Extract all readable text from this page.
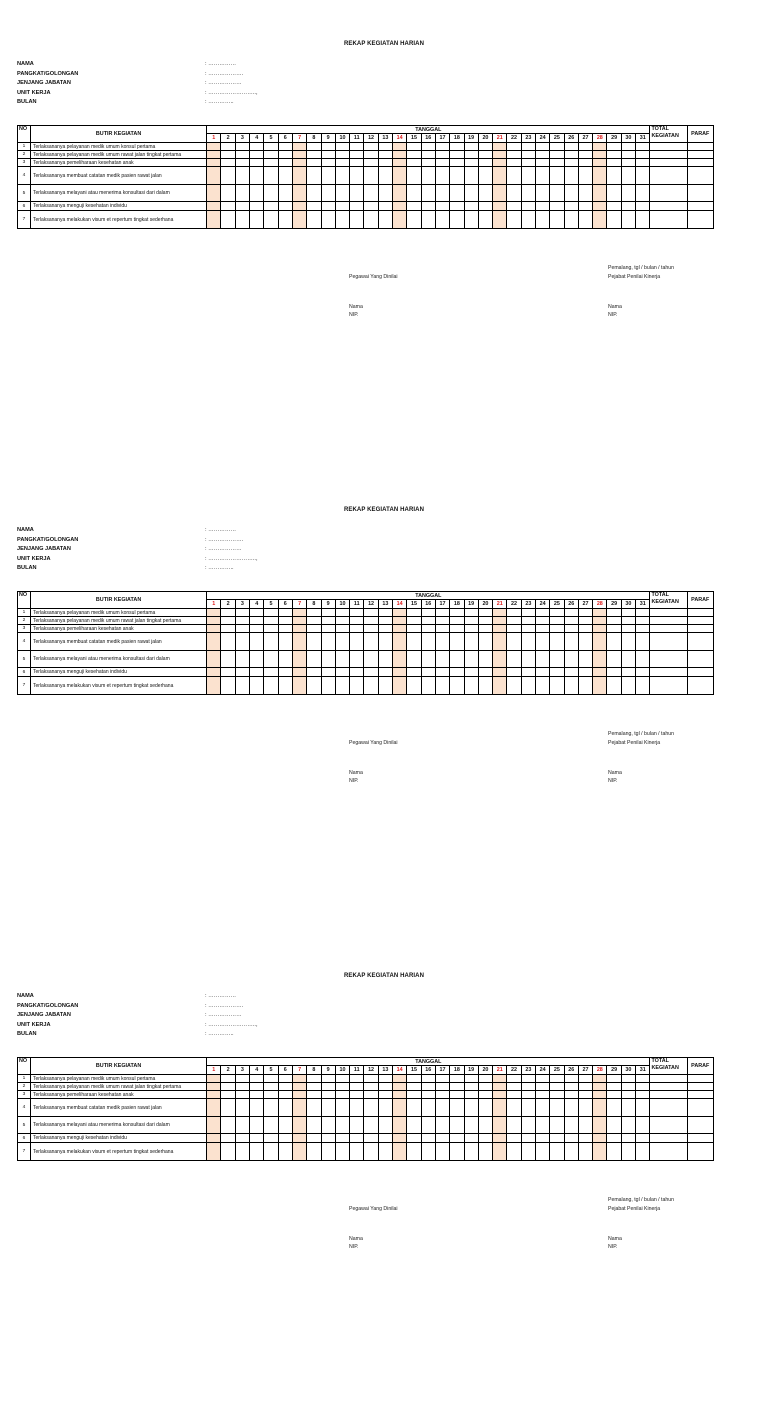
REKAP KEGIATAN HARIAN
NAMA	: ……………
PANGKAT/GOLONGAN	: ……………….
JENJANG JABATAN	: ………………
UNIT KERJA	: ……………………..,
BULAN	: …………..
NO	BUTIR KEGIATAN	TANGGAL																															TOTAL KEGIATAN	PARAF
		1	2	3	4	5	6	7	8	9	10	11	12	13	14	15	16	17	18	19	20	21	22	23	24	25	26	27	28	29	30	31		
1	Terlaksananya pelayanan medik umum konsul pertama																																	
2	Terlaksananya pelayanan medik umum rawat jalan tingkat pertama																																	
3	Terlaksananya pemeliharaan kesehatan anak																																	
4	Terlaksananya membuat catatan medik pasien rawat jalan																																	
5	Terlaksananya melayani atau menerima konsultasi dari dalam																																	
6	Terlaksananya menguji kesehatan individu																																	
7	Terlaksananya melakukan visum et repertum tingkat sederhana																																	
Pemalang, tgl / bulan / tahun
Pejabat Penilai Kinerja
Pegawai Yang Dinilai
Nama
NIP.
Nama
NIP.
REKAP KEGIATAN HARIAN
NAMA	: ……………
PANGKAT/GOLONGAN	: ……………….
JENJANG JABATAN	: ………………
UNIT KERJA	: ……………………..,
BULAN	: …………..
NO	BUTIR KEGIATAN	TANGGAL																															TOTAL KEGIATAN	PARAF
		1	2	3	4	5	6	7	8	9	10	11	12	13	14	15	16	17	18	19	20	21	22	23	24	25	26	27	28	29	30	31		
1	Terlaksananya pelayanan medik umum konsul pertama																																	
2	Terlaksananya pelayanan medik umum rawat jalan tingkat pertama																																	
3	Terlaksananya pemeliharaan kesehatan anak																																	
4	Terlaksananya membuat catatan medik pasien rawat jalan																																	
5	Terlaksananya melayani atau menerima konsultasi dari dalam																																	
6	Terlaksananya menguji kesehatan individu																																	
7	Terlaksananya melakukan visum et repertum tingkat sederhana																																	
Pemalang, tgl / bulan / tahun
Pejabat Penilai Kinerja
Pegawai Yang Dinilai
Nama
NIP.
Nama
NIP.
REKAP KEGIATAN HARIAN
NAMA	: ……………
PANGKAT/GOLONGAN	: ……………….
JENJANG JABATAN	: ………………
UNIT KERJA	: ……………………..,
BULAN	: …………..
NO	BUTIR KEGIATAN	TANGGAL																															TOTAL KEGIATAN	PARAF
		1	2	3	4	5	6	7	8	9	10	11	12	13	14	15	16	17	18	19	20	21	22	23	24	25	26	27	28	29	30	31		
1	Terlaksananya pelayanan medik umum konsul pertama																																	
2	Terlaksananya pelayanan medik umum rawat jalan tingkat pertama																																	
3	Terlaksananya pemeliharaan kesehatan anak																																	
4	Terlaksananya membuat catatan medik pasien rawat jalan																																	
5	Terlaksananya melayani atau menerima konsultasi dari dalam																																	
6	Terlaksananya menguji kesehatan individu																																	
7	Terlaksananya melakukan visum et repertum tingkat sederhana																																	
Pemalang, tgl / bulan / tahun
Pejabat Penilai Kinerja
Pegawai Yang Dinilai
Nama
NIP.
Nama
NIP.
